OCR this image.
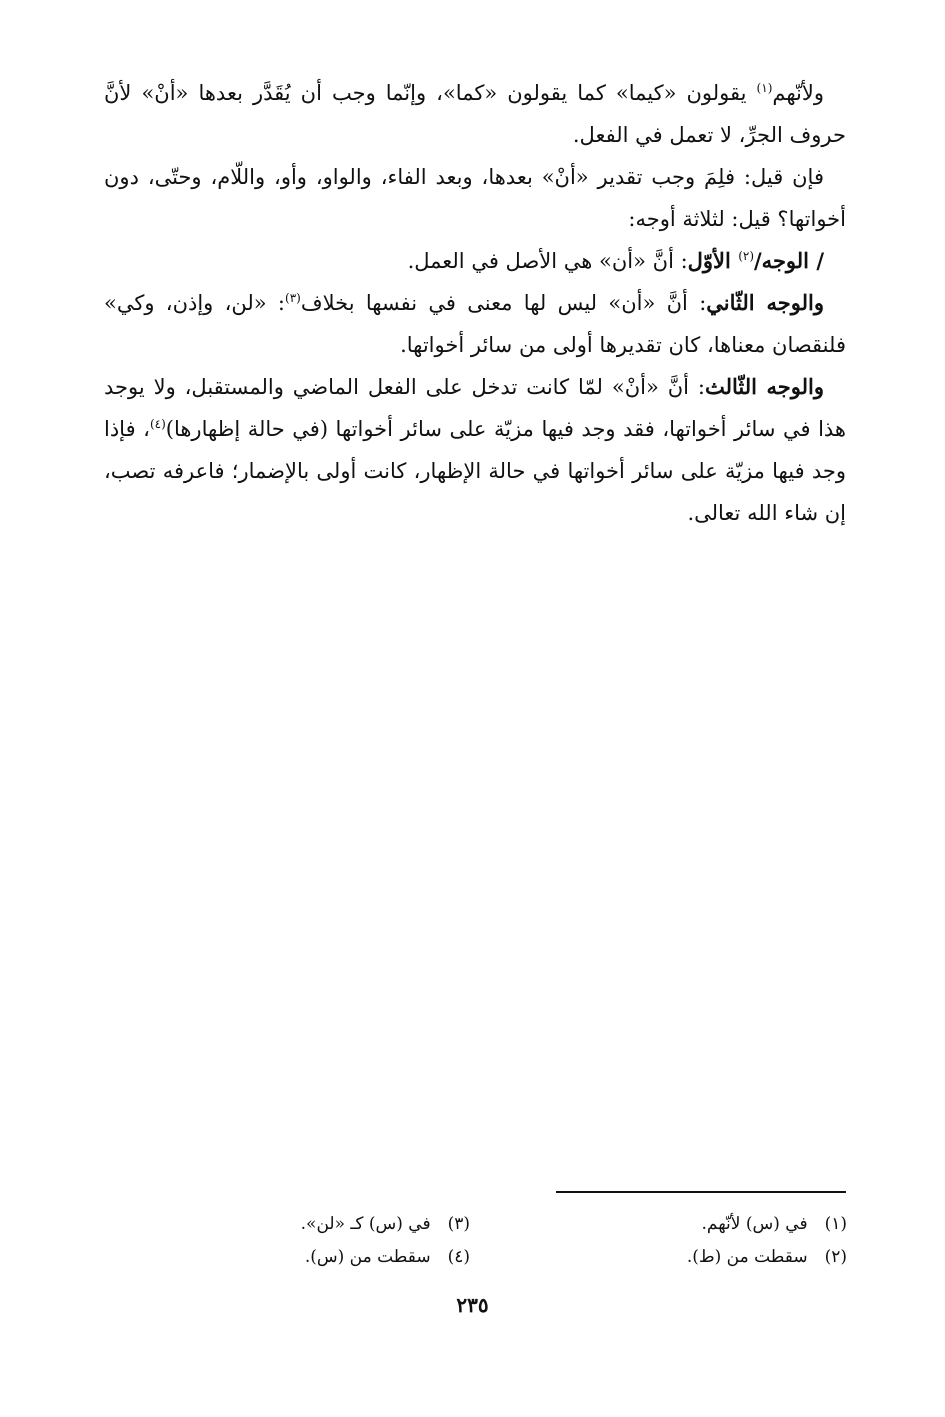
ولأنّهم$^{(١)}$ يقولون «كيما» كما يقولون «كما»، وإنّما وجب أن يُقَدَّر بعدها «أنْ» لأنَّ حروف الجرِّ، لا تعمل في الفعل.

فإن قيل: فلِمَ وجب تقدير «أنْ» بعدها، وبعد الفاء، والواو، وأو، واللّام، وحتّى، دون أخواتها؟ قيل: لثلاثة أوجه:

/ الوجه/$^{(٢)}$ الأوّل: أنَّ «أن» هي الأصل في العمل.

والوجه الثّاني: أنَّ «أن» ليس لها معنى في نفسها بخلاف$^{(٣)}$: «لن، وإذن، وكي» فلنقصان معناها، كان تقديرها أولى من سائر أخواتها.

والوجه الثّالث: أنَّ «أنْ» لمّا كانت تدخل على الفعل الماضي والمستقبل، ولا يوجد هذا في سائر أخواتها، فقد وجد فيها مزيّة على سائر أخواتها (في حالة إظهارها)$^{(٤)}$، فإذا وجد فيها مزيّة على سائر أخواتها في حالة الإظهار، كانت أولى بالإضمار؛ فاعرفه تصب، إن شاء الله تعالى.

(١) في (س) لأنّهم.
(٢) سقطت من (ط).
(٣) في (س) كـ «لن».
(٤) سقطت من (س).
٢٣٥
